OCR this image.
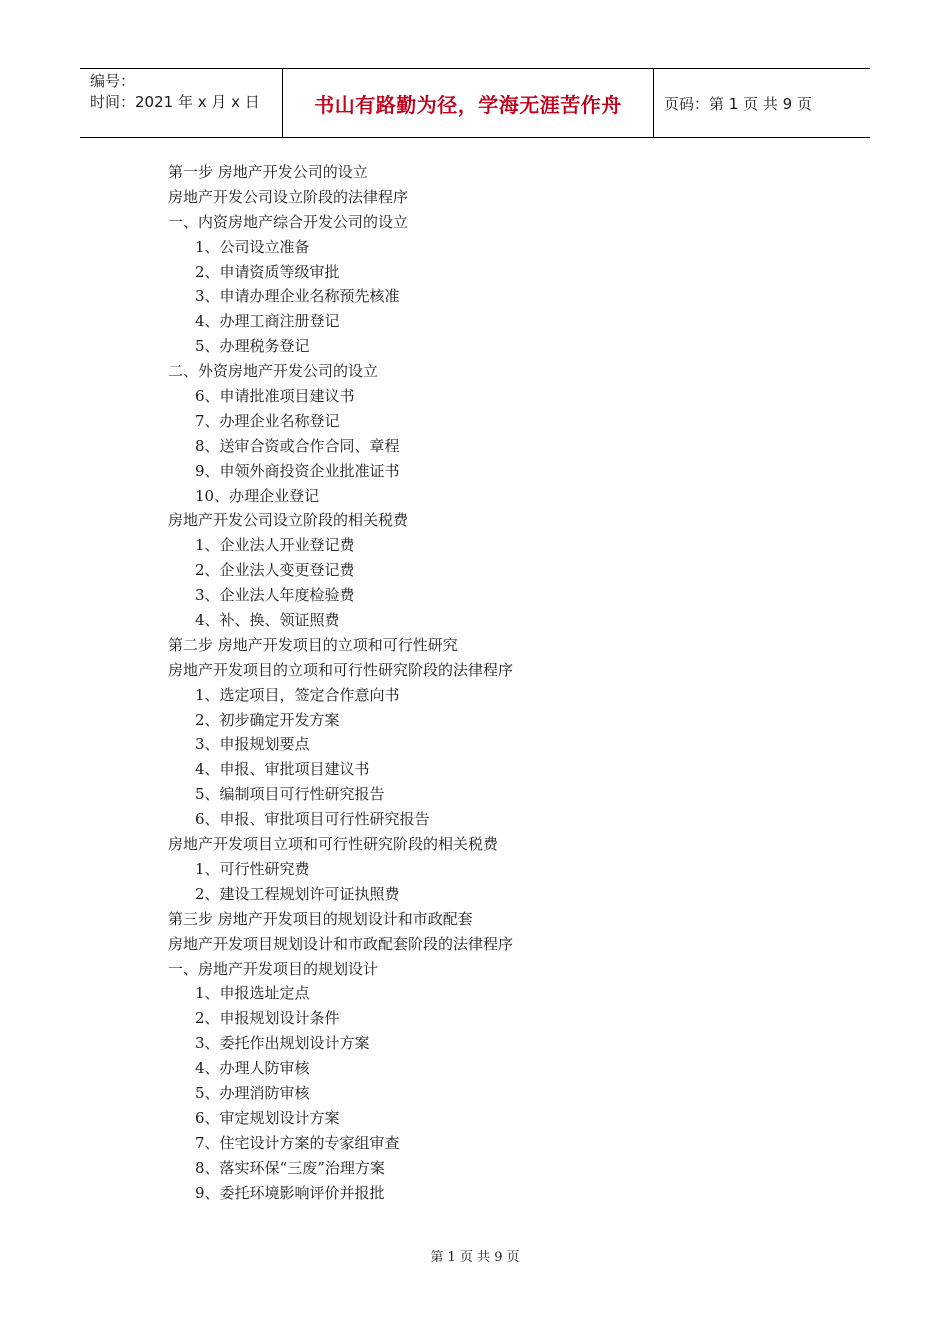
编号：
时间：2021 年 x 月 x 日	书山有路勤为径，学海无涯苦作舟	页码：第 1 页 共 9 页
第一步 房地产开发公司的设立
房地产开发公司设立阶段的法律程序
一、内资房地产综合开发公司的设立
1、公司设立准备
2、申请资质等级审批
3、申请办理企业名称预先核准
4、办理工商注册登记
5、办理税务登记
二、外资房地产开发公司的设立
6、申请批准项目建议书
7、办理企业名称登记
8、送审合资或合作合同、章程
9、申领外商投资企业批准证书
10、办理企业登记
房地产开发公司设立阶段的相关税费
1、企业法人开业登记费
2、企业法人变更登记费
3、企业法人年度检验费
4、补、换、领证照费
第二步 房地产开发项目的立项和可行性研究
房地产开发项目的立项和可行性研究阶段的法律程序
1、选定项目，签定合作意向书
2、初步确定开发方案
3、申报规划要点
4、申报、审批项目建议书
5、编制项目可行性研究报告
6、申报、审批项目可行性研究报告
房地产开发项目立项和可行性研究阶段的相关税费
1、可行性研究费
2、建设工程规划许可证执照费
第三步 房地产开发项目的规划设计和市政配套
房地产开发项目规划设计和市政配套阶段的法律程序
一、房地产开发项目的规划设计
1、申报选址定点
2、申报规划设计条件
3、委托作出规划设计方案
4、办理人防审核
5、办理消防审核
6、审定规划设计方案
7、住宅设计方案的专家组审查
8、落实环保“三废”治理方案
9、委托环境影响评价并报批
第 1 页 共 9 页
